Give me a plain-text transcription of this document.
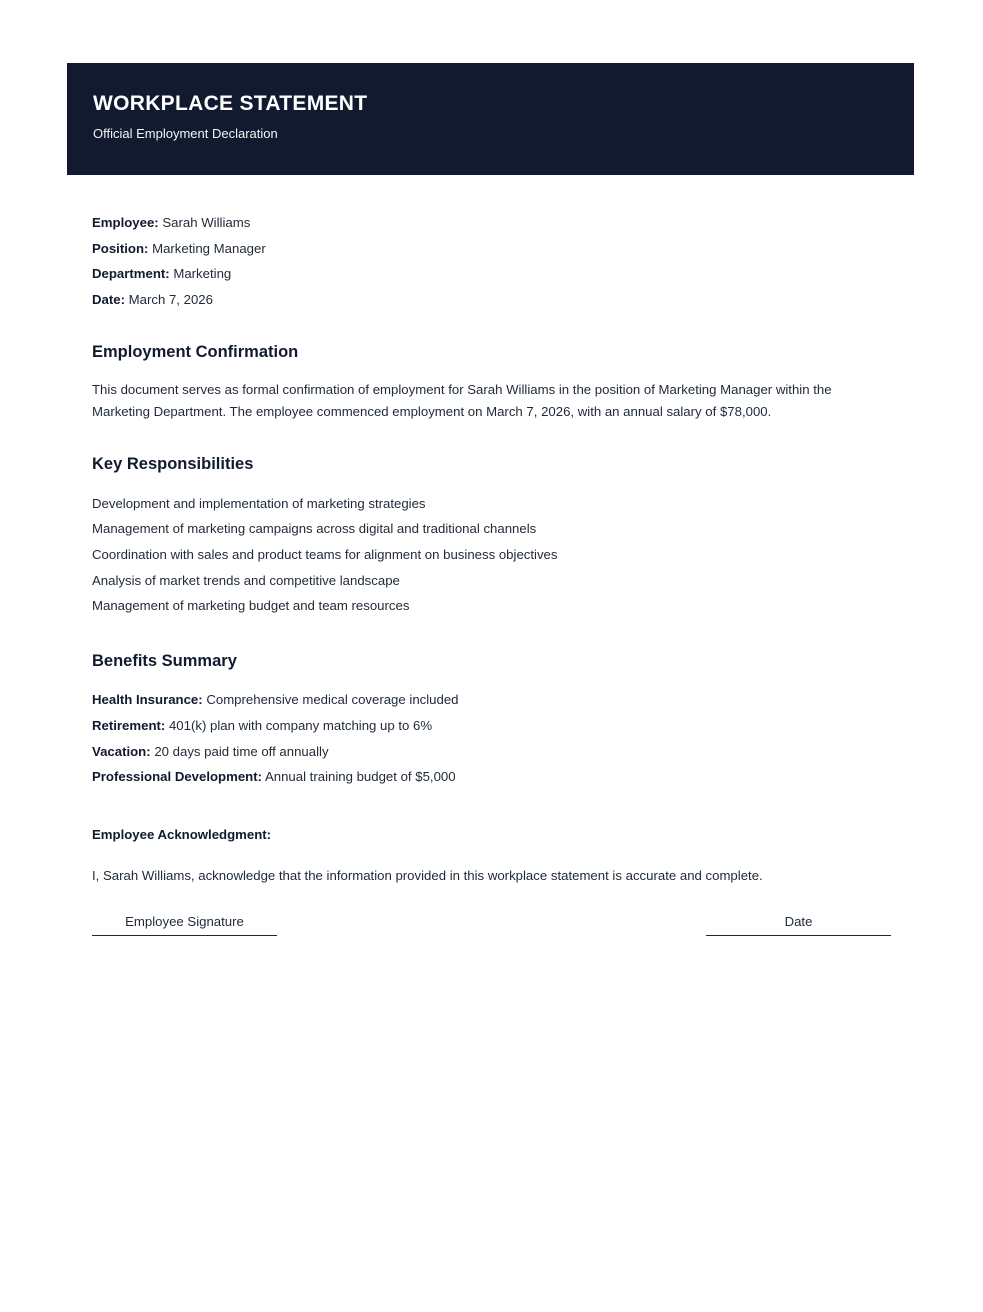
WORKPLACE STATEMENT
Official Employment Declaration
Employee: Sarah Williams
Position: Marketing Manager
Department: Marketing
Date: March 7, 2026
Employment Confirmation

This document serves as formal confirmation of employment for Sarah Williams in the position of Marketing Manager within the Marketing Department. The employee commenced employment on March 7, 2026, with an annual salary of $78,000.

Key Responsibilities
Development and implementation of marketing strategies
Management of marketing campaigns across digital and traditional channels
Coordination with sales and product teams for alignment on business objectives
Analysis of market trends and competitive landscape
Management of marketing budget and team resources
Benefits Summary
Health Insurance: Comprehensive medical coverage included
Retirement: 401(k) plan with company matching up to 6%
Vacation: 20 days paid time off annually
Professional Development: Annual training budget of $5,000
Employee Acknowledgment:

I, Sarah Williams, acknowledge that the information provided in this workplace statement is accurate and complete.

Employee Signature	Date
